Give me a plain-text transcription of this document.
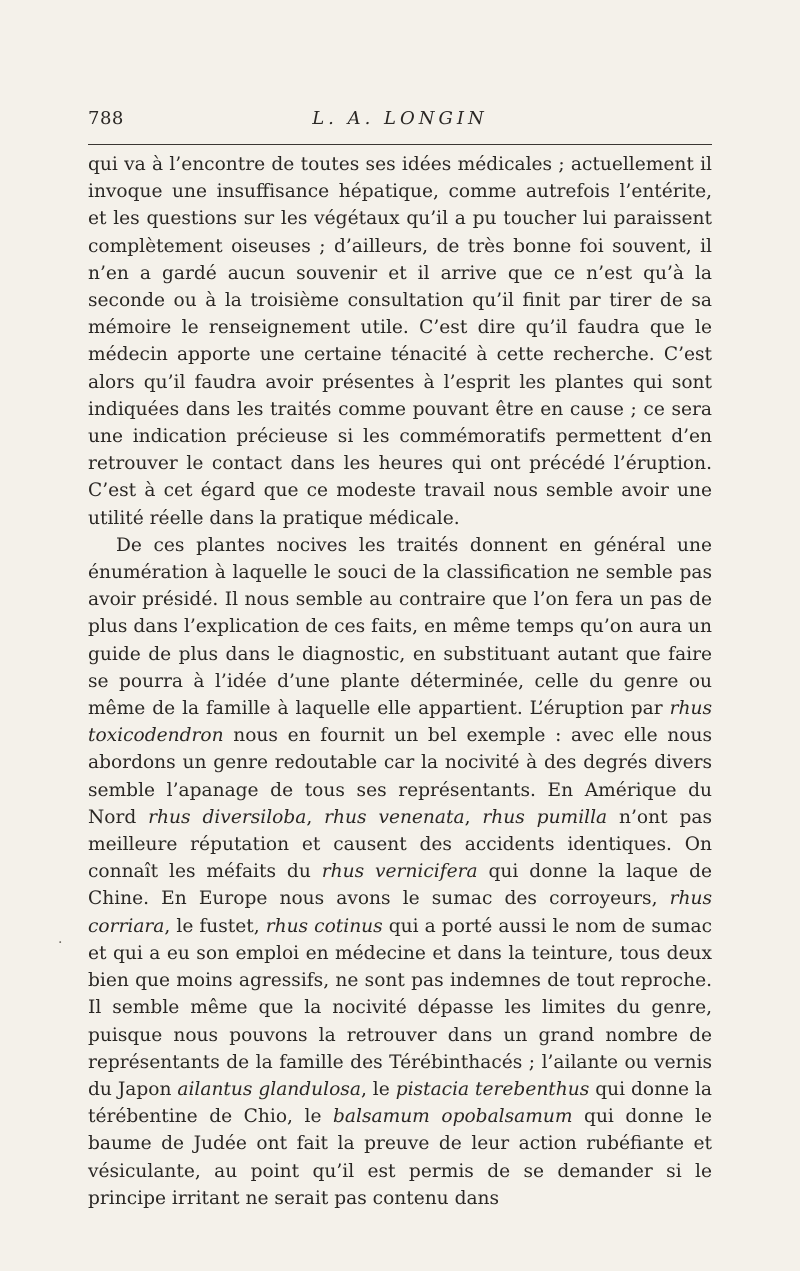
788	L. A. LONGIN

qui va à l’encontre de toutes ses idées médicales ; actuellement il invoque une insuffisance hépatique, comme autrefois l’entérite, et les questions sur les végétaux qu’il a pu toucher lui paraissent complètement oiseuses ; d’ailleurs, de très bonne foi souvent, il n’en a gardé aucun souvenir et il arrive que ce n’est qu’à la seconde ou à la troisième consultation qu’il finit par tirer de sa mémoire le renseignement utile. C’est dire qu’il faudra que le médecin apporte une certaine ténacité à cette recherche. C’est alors qu’il faudra avoir présentes à l’esprit les plantes qui sont indiquées dans les traités comme pouvant être en cause ; ce sera une indication précieuse si les commémoratifs permettent d’en retrouver le contact dans les heures qui ont précédé l’éruption. C’est à cet égard que ce modeste travail nous semble avoir une utilité réelle dans la pratique médicale.

De ces plantes nocives les traités donnent en général une énumération à laquelle le souci de la classification ne semble pas avoir présidé. Il nous semble au contraire que l’on fera un pas de plus dans l’explication de ces faits, en même temps qu’on aura un guide de plus dans le diagnostic, en substituant autant que faire se pourra à l’idée d’une plante déterminée, celle du genre ou même de la famille à laquelle elle appartient. L’éruption par rhus toxicodendron nous en fournit un bel exemple : avec elle nous abordons un genre redoutable car la nocivité à des degrés divers semble l’apanage de tous ses représentants. En Amérique du Nord rhus diversiloba, rhus venenata, rhus pumilla n’ont pas meilleure réputation et causent des accidents identiques. On connaît les méfaits du rhus vernicifera qui donne la laque de Chine. En Europe nous avons le sumac des corroyeurs, rhus corriara, le fustet, rhus cotinus qui a porté aussi le nom de sumac et qui a eu son emploi en médecine et dans la teinture, tous deux bien que moins agressifs, ne sont pas indemnes de tout reproche. Il semble même que la nocivité dépasse les limites du genre, puisque nous pouvons la retrouver dans un grand nombre de représentants de la famille des Térébinthacés ; l’ailante ou vernis du Japon ailantus glandulosa, le pistacia terebenthus qui donne la térébentine de Chio, le balsamum opobalsamum qui donne le baume de Judée ont fait la preuve de leur action rubéfiante et vésiculante, au point qu’il est permis de se demander si le principe irritant ne serait pas contenu dans

·
